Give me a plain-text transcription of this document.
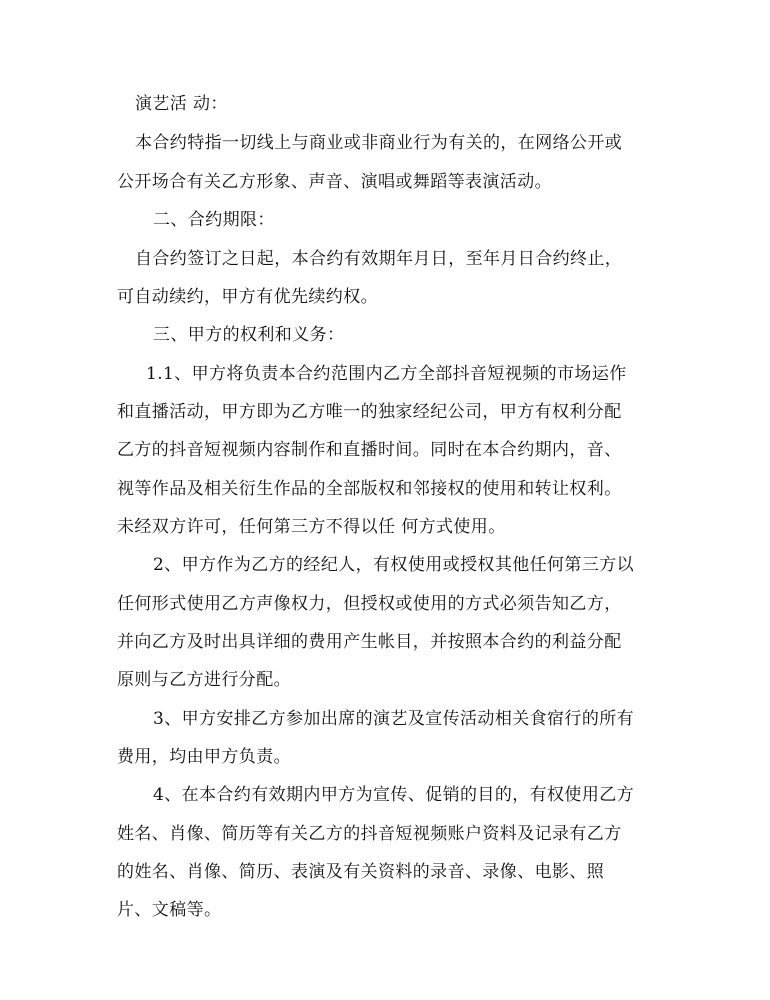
演艺活 动：
本合约特指一切线上与商业或非商业行为有关的，在网络公开或
公开场合有关乙方形象、声音、演唱或舞蹈等表演活动。
二、合约期限：
自合约签订之日起，本合约有效期年月日，至年月日合约终止，
可自动续约，甲方有优先续约权。
三、甲方的权利和义务：
1.1、甲方将负责本合约范围内乙方全部抖音短视频的市场运作
和直播活动，甲方即为乙方唯一的独家经纪公司，甲方有权利分配
乙方的抖音短视频内容制作和直播时间。同时在本合约期内，音、
视等作品及相关衍生作品的全部版权和邻接权的使用和转让权利。
未经双方许可，任何第三方不得以任 何方式使用。
2、甲方作为乙方的经纪人，有权使用或授权其他任何第三方以
任何形式使用乙方声像权力，但授权或使用的方式必须告知乙方，
并向乙方及时出具详细的费用产生帐目，并按照本合约的利益分配
原则与乙方进行分配。
3、甲方安排乙方参加出席的演艺及宣传活动相关食宿行的所有
费用，均由甲方负责。
4、在本合约有效期内甲方为宣传、促销的目的，有权使用乙方
姓名、肖像、简历等有关乙方的抖音短视频账户资料及记录有乙方
的姓名、肖像、简历、表演及有关资料的录音、录像、电影、照
片、文稿等。
